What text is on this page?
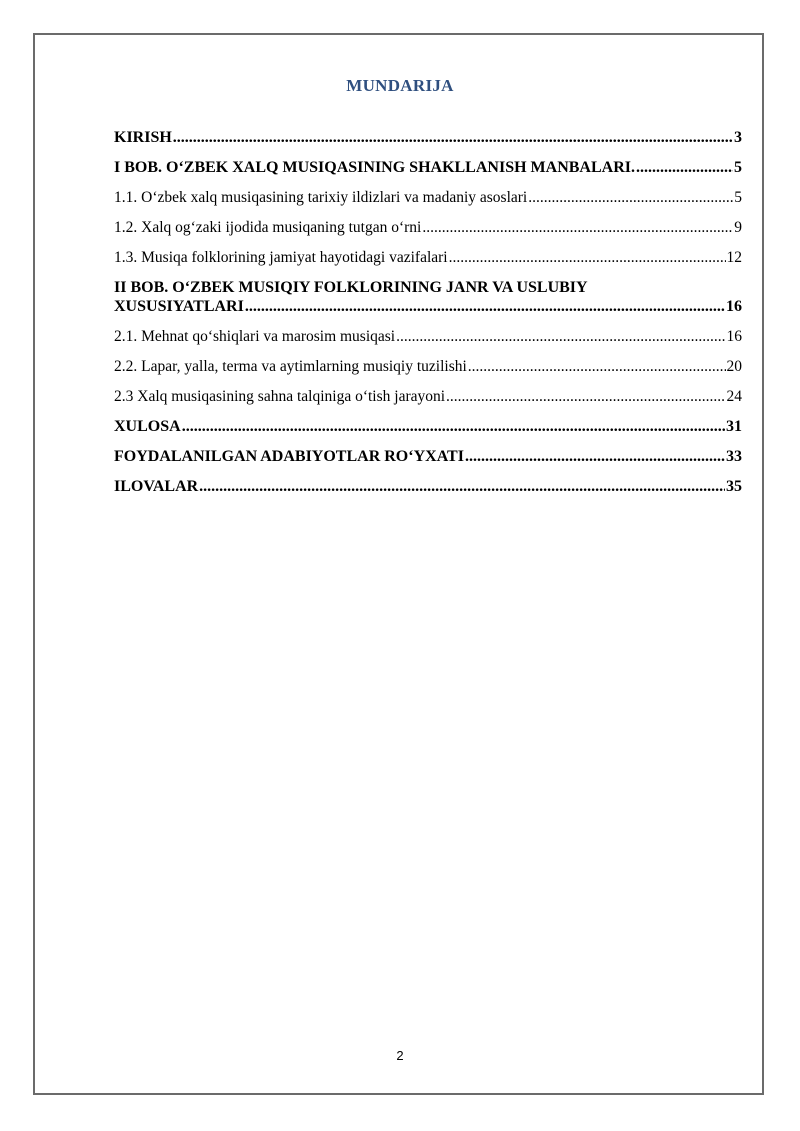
MUNDARIJA
KIRISH .....	3
I BOB. O‘ZBEK XALQ MUSIQASINING SHAKLLANISH MANBALARI. .....	5
1.1. O‘zbek xalq musiqasining tarixiy ildizlari va madaniy asoslari .....	5
1.2. Xalq og‘zaki ijodida musiqaning tutgan o‘rni .....	9
1.3. Musiqa folklorining jamiyat hayotidagi vazifalari .....	12
II BOB. O‘ZBEK MUSIQIY FOLKLORINING JANR VA USLUBIY
XUSUSIYATLARI .....	16
2.1. Mehnat qo‘shiqlari va marosim musiqasi .....	16
2.2. Lapar, yalla, terma va aytimlarning musiqiy tuzilishi .....	20
2.3 Xalq musiqasining sahna talqiniga o‘tish jarayoni .....	24
XULOSA .....	31
FOYDALANILGAN ADABIYOTLAR RO‘YXATI .....	33
ILOVALAR .....	35
2
